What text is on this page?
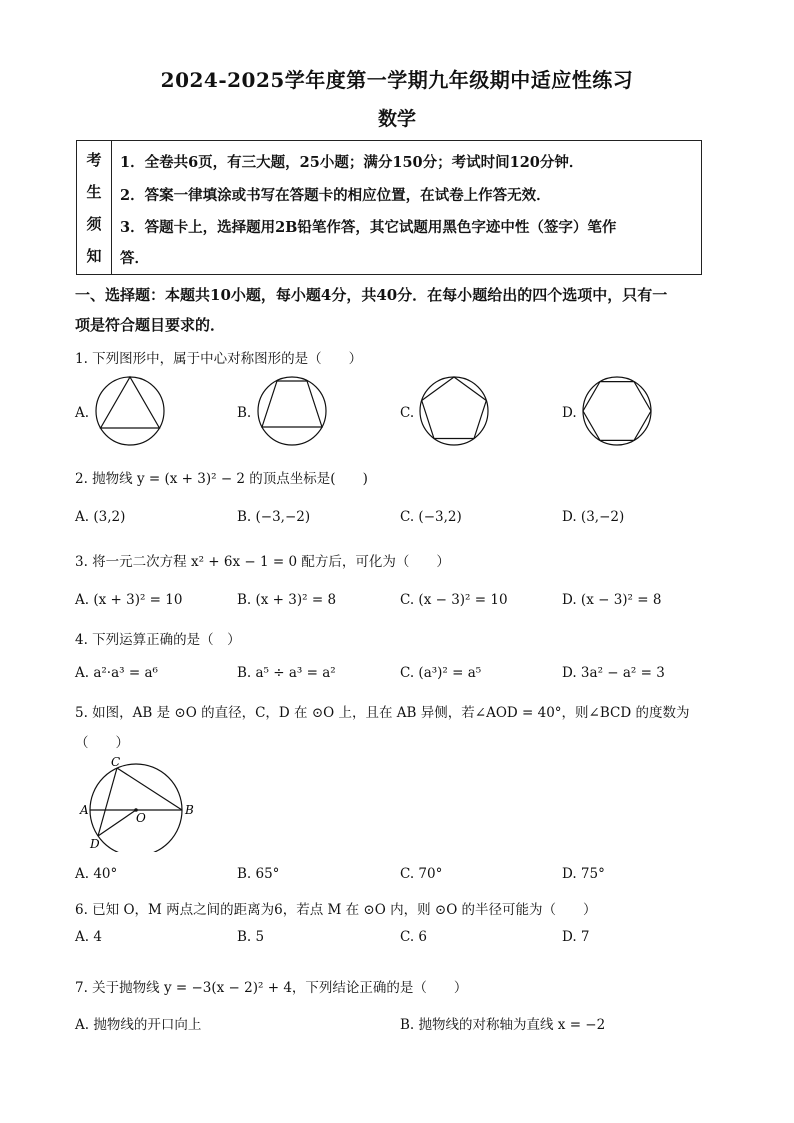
2024-2025学年度第一学期九年级期中适应性练习
数学
考
生
须
知
1．全卷共6页，有三大题，25小题；满分150分；考试时间120分钟．
2．答案一律填涂或书写在答题卡的相应位置，在试卷上作答无效．
3．答题卡上，选择题用2B铅笔作答，其它试题用黑色字迹中性（签字）笔作
答．
一、选择题：本题共10小题，每小题4分，共40分．在每小题给出的四个选项中，只有一
项是符合题目要求的．
1. 下列图形中，属于中心对称图形的是（　　）
A.	B.	C.	D.
2. 抛物线 y = (x + 3)² − 2 的顶点坐标是(　　)
A. (3,2)	B. (−3,−2)	C. (−3,2)	D. (3,−2)
3. 将一元二次方程 x² + 6x − 1 = 0 配方后，可化为（　　）
A. (x + 3)² = 10	B. (x + 3)² = 8	C. (x − 3)² = 10	D. (x − 3)² = 8
4. 下列运算正确的是（　）
A. a²·a³ = a⁶	B. a⁵ ÷ a³ = a²	C. (a³)² = a⁵	D. 3a² − a² = 3
5. 如图，AB 是 ⊙O 的直径，C，D 在 ⊙O 上，且在 AB 异侧，若∠AOD = 40°，则∠BCD 的度数为
（　　）
C
A	B
O
D
A. 40°	B. 65°	C. 70°	D. 75°
6. 已知 O，M 两点之间的距离为6，若点 M 在 ⊙O 内，则 ⊙O 的半径可能为（　　）
A. 4	B. 5	C. 6	D. 7
7. 关于抛物线 y = −3(x − 2)² + 4，下列结论正确的是（　　）
A. 抛物线的开口向上	B. 抛物线的对称轴为直线 x = −2
